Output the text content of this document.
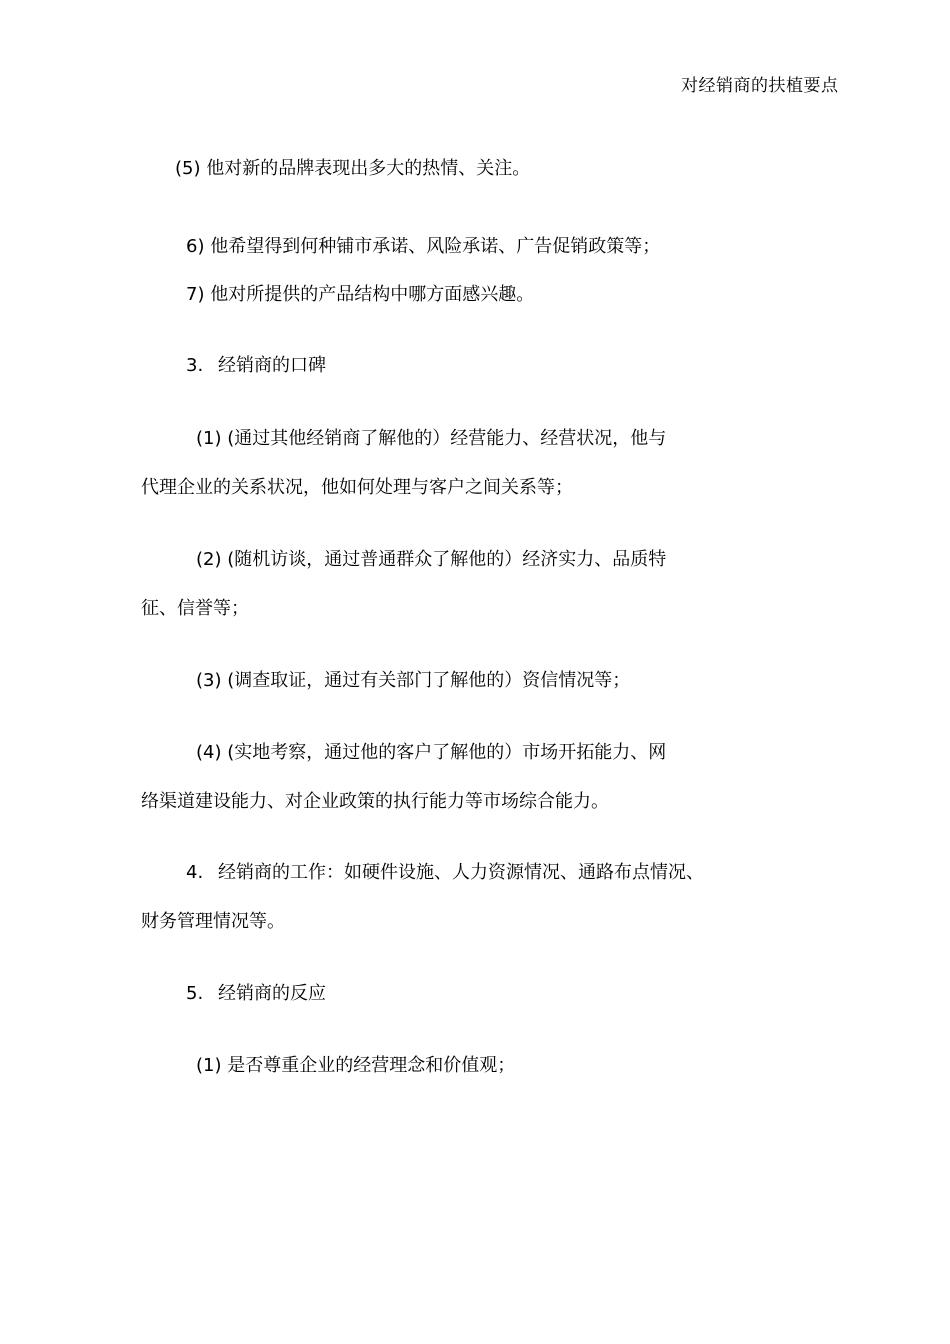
对经销商的扶植要点
(5) 他对新的品牌表现出多大的热情、关注。
6) 他希望得到何种铺市承诺、风险承诺、广告促销政策等；
7) 他对所提供的产品结构中哪方面感兴趣。
3. 经销商的口碑
(1) (通过其他经销商了解他的）经营能力、经营状况，他与
代理企业的关系状况，他如何处理与客户之间关系等；
(2) (随机访谈，通过普通群众了解他的）经济实力、品质特
征、信誉等；
(3) (调查取证，通过有关部门了解他的）资信情况等；
(4) (实地考察，通过他的客户了解他的）市场开拓能力、网
络渠道建设能力、对企业政策的执行能力等市场综合能力。
4. 经销商的工作：如硬件设施、人力资源情况、通路布点情况、
财务管理情况等。
5. 经销商的反应
(1) 是否尊重企业的经营理念和价值观；
